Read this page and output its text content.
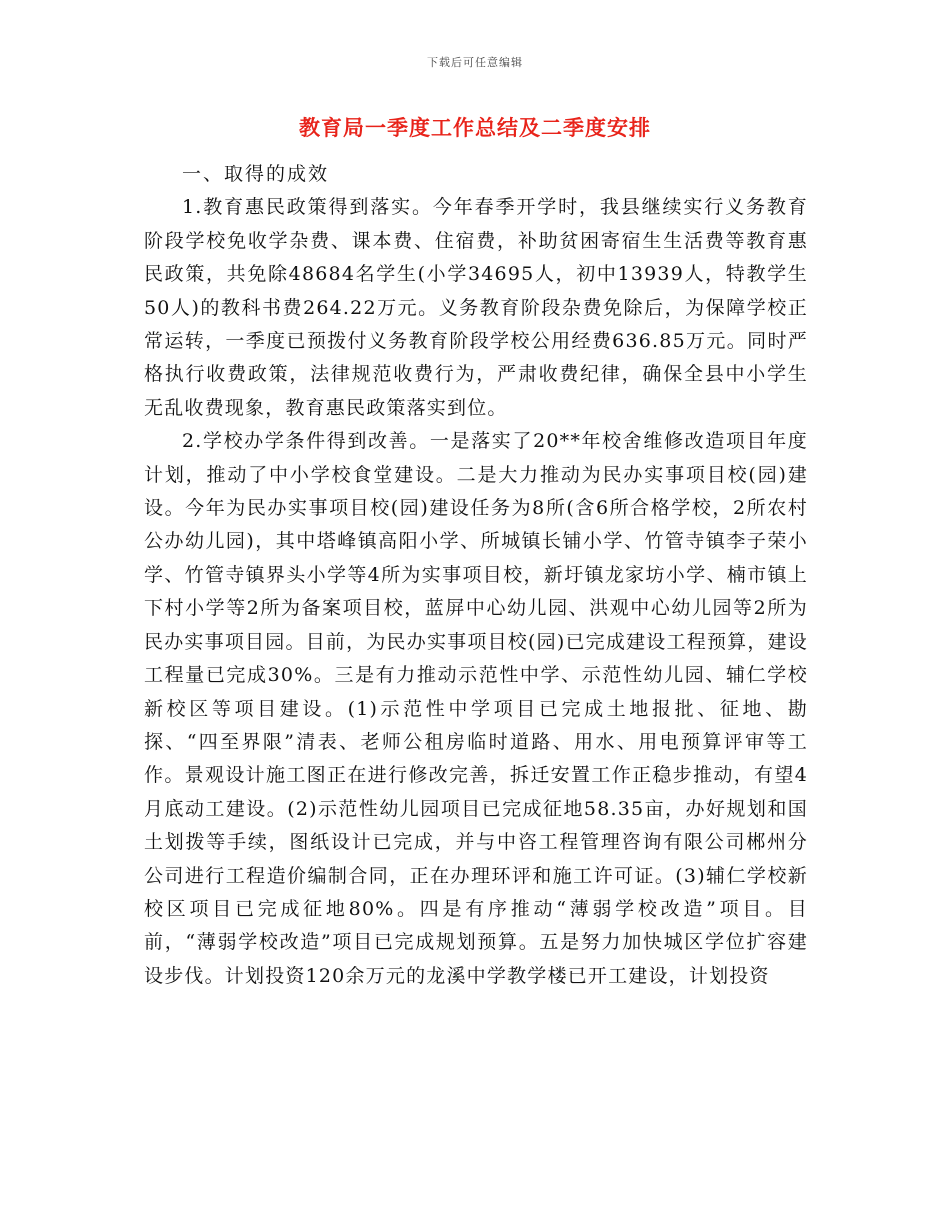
下载后可任意编辑
教育局一季度工作总结及二季度安排

一、取得的成效

1.教育惠民政策得到落实。今年春季开学时，我县继续实行义务教育阶段学校免收学杂费、课本费、住宿费，补助贫困寄宿生生活费等教育惠民政策，共免除48684名学生(小学34695人，初中13939人，特教学生50人)的教科书费264.22万元。义务教育阶段杂费免除后，为保障学校正常运转，一季度已预拨付义务教育阶段学校公用经费636.85万元。同时严格执行收费政策，法律规范收费行为，严肃收费纪律，确保全县中小学生无乱收费现象，教育惠民政策落实到位。

2.学校办学条件得到改善。一是落实了20**年校舍维修改造项目年度计划，推动了中小学校食堂建设。二是大力推动为民办实事项目校(园)建设。今年为民办实事项目校(园)建设任务为8所(含6所合格学校，2所农村公办幼儿园)，其中塔峰镇高阳小学、所城镇长铺小学、竹管寺镇李子荣小学、竹管寺镇界头小学等4所为实事项目校，新圩镇龙家坊小学、楠市镇上下村小学等2所为备案项目校，蓝屏中心幼儿园、洪观中心幼儿园等2所为民办实事项目园。目前，为民办实事项目校(园)已完成建设工程预算，建设工程量已完成30%。三是有力推动示范性中学、示范性幼儿园、辅仁学校新校区等项目建设。(1)示范性中学项目已完成土地报批、征地、勘探、“四至界限”清表、老师公租房临时道路、用水、用电预算评审等工作。景观设计施工图正在进行修改完善，拆迁安置工作正稳步推动，有望4月底动工建设。(2)示范性幼儿园项目已完成征地58.35亩，办好规划和国土划拨等手续，图纸设计已完成，并与中咨工程管理咨询有限公司郴州分公司进行工程造价编制合同，正在办理环评和施工许可证。(3)辅仁学校新校区项目已完成征地80%。四是有序推动“薄弱学校改造”项目。目前，“薄弱学校改造”项目已完成规划预算。五是努力加快城区学位扩容建设步伐。计划投资120余万元的龙溪中学教学楼已开工建设，计划投资
